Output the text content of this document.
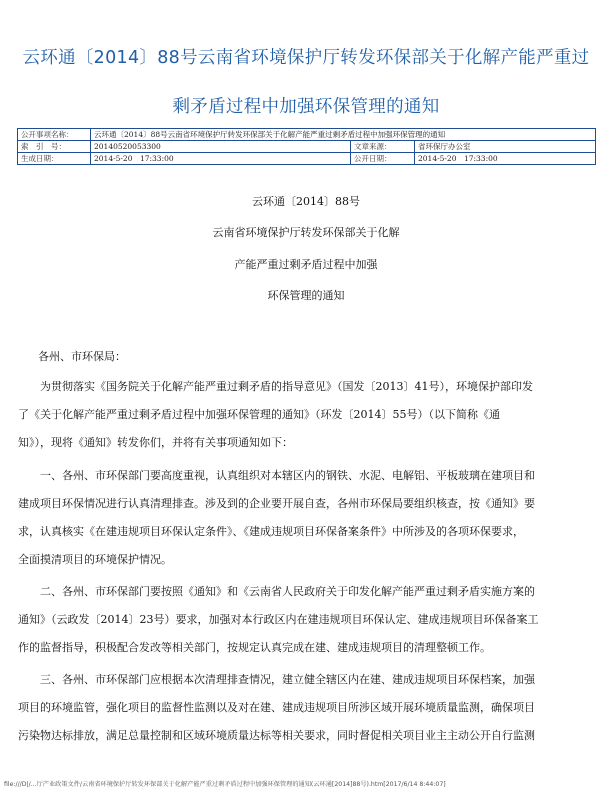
云环通〔2014〕88号云南省环境保护厅转发环保部关于化解产能严重过
剩矛盾过程中加强环保管理的通知
公开事项名称：	云环通〔2014〕88号云南省环境保护厅转发环保部关于化解产能严重过剩矛盾过程中加强环保管理的通知		
索　引　号：	20140520053300	文章来源：	省环保厅办公室
生成日期：	2014-5-20　17:33:00	公开日期：	2014-5-20　17:33:00
云环通〔2014〕88号
云南省环境保护厅转发环保部关于化解
产能严重过剩矛盾过程中加强
环保管理的通知
各州、市环保局：
　　为贯彻落实《国务院关于化解产能严重过剩矛盾的指导意见》（国发〔2013〕41号），环境保护部印发
了《关于化解产能严重过剩矛盾过程中加强环保管理的通知》（环发〔2014〕55号）（以下简称《通
知》），现将《通知》转发你们，并将有关事项通知如下：
　　一、各州、市环保部门要高度重视，认真组织对本辖区内的钢铁、水泥、电解铝、平板玻璃在建项目和
建成项目环保情况进行认真清理排查。涉及到的企业要开展自查，各州市环保局要组织核查，按《通知》要
求，认真核实《在建违规项目环保认定条件》、《建成违规项目环保备案条件》中所涉及的各项环保要求，
全面摸清项目的环境保护情况。
　　二、各州、市环保部门要按照《通知》和《云南省人民政府关于印发化解产能严重过剩矛盾实施方案的
通知》（云政发〔2014〕23号）要求，加强对本行政区内在建违规项目环保认定、建成违规项目环保备案工
作的监督指导，积极配合发改等相关部门，按规定认真完成在建、建成违规项目的清理整顿工作。
　　三、各州、市环保部门应根据本次清理排查情况，建立健全辖区内在建、建成违规项目环保档案，加强
项目的环境监管，强化项目的监督性监测以及对在建、建成违规项目所涉区域开展环境质量监测，确保项目
污染物达标排放，满足总量控制和区域环境质量达标等相关要求，同时督促相关项目业主主动公开自行监测
file:///D|/...厅产业政策文件/云南省环境保护厅转发环保部关于化解产能严重过剩矛盾过程中加强环保管理的通知(云环通[2014]88号).htm[2017/6/14 8:44:07]
